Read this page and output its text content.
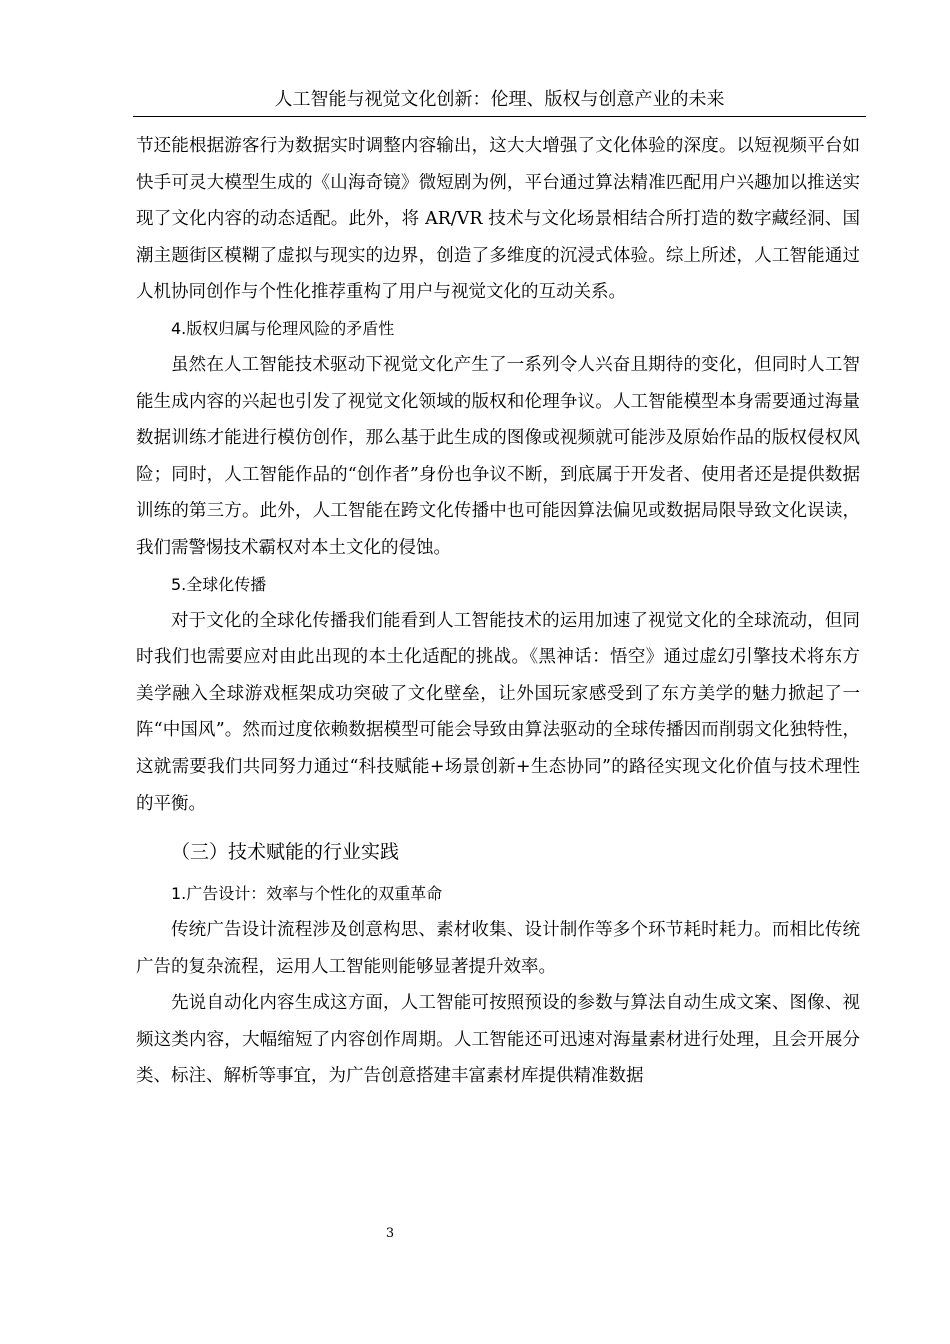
人工智能与视觉文化创新：伦理、版权与创意产业的未来

节还能根据游客行为数据实时调整内容输出，这大大增强了文化体验的深度。以短视频平台如快手可灵大模型生成的《山海奇镜》微短剧为例，平台通过算法精准匹配用户兴趣加以推送实现了文化内容的动态适配。此外，将 AR/VR 技术与文化场景相结合所打造的数字藏经洞、国潮主题街区模糊了虚拟与现实的边界，创造了多维度的沉浸式体验。综上所述，人工智能通过人机协同创作与个性化推荐重构了用户与视觉文化的互动关系。

4.版权归属与伦理风险的矛盾性

虽然在人工智能技术驱动下视觉文化产生了一系列令人兴奋且期待的变化，但同时人工智能生成内容的兴起也引发了视觉文化领域的版权和伦理争议。人工智能模型本身需要通过海量数据训练才能进行模仿创作，那么基于此生成的图像或视频就可能涉及原始作品的版权侵权风险；同时，人工智能作品的“创作者”身份也争议不断，到底属于开发者、使用者还是提供数据训练的第三方。此外，人工智能在跨文化传播中也可能因算法偏见或数据局限导致文化误读，我们需警惕技术霸权对本土文化的侵蚀。

5.全球化传播

对于文化的全球化传播我们能看到人工智能技术的运用加速了视觉文化的全球流动，但同时我们也需要应对由此出现的本土化适配的挑战。《黑神话：悟空》通过虚幻引擎技术将东方美学融入全球游戏框架成功突破了文化壁垒，让外国玩家感受到了东方美学的魅力掀起了一阵“中国风”。然而过度依赖数据模型可能会导致由算法驱动的全球传播因而削弱文化独特性，这就需要我们共同努力通过“科技赋能+场景创新+生态协同”的路径实现文化价值与技术理性的平衡。

（三）技术赋能的行业实践

1.广告设计：效率与个性化的双重革命

传统广告设计流程涉及创意构思、素材收集、设计制作等多个环节耗时耗力。而相比传统广告的复杂流程，运用人工智能则能够显著提升效率。

先说自动化内容生成这方面，人工智能可按照预设的参数与算法自动生成文案、图像、视频这类内容，大幅缩短了内容创作周期。人工智能还可迅速对海量素材进行处理，且会开展分类、标注、解析等事宜，为广告创意搭建丰富素材库提供精准数据

3
